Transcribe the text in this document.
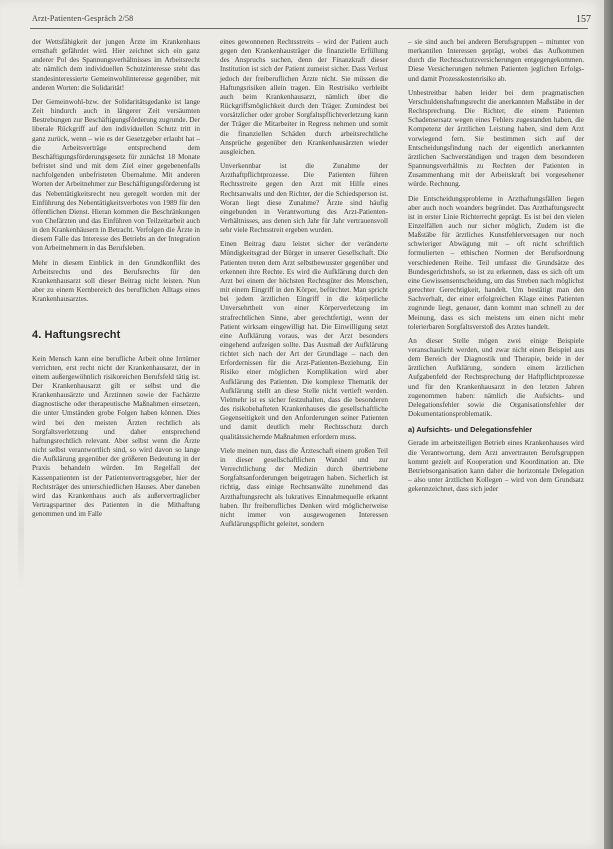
Arzt-Patienten-Gespräch 2/58	157

der Wettsfähigkeit der jungen Ärzte im Krankenhaus ernsthaft gefährdet wird. Hier zeichnet sich ein ganz anderer Pol des Spannungsverhältnisses im Arbeitsrecht ab: nämlich dem individuellen Schutzinteresse steht das standesinteressierte Gemeinwohlinteresse gegenüber, mit anderen Worten: die Solidarität!

Der Gemeinwohl-bzw. der Solidaritätsgedanke ist lange Zeit hindurch auch in längerer Zeit versäumten Bestrebungen zur Beschäftigungsförderung zugrunde. Der liberale Rückgriff auf den individuellen Schutz tritt in ganz zurück, wenn – wie es der Gesetzgeber erlaubt hat – die Arbeitsverträge entsprechend dem Beschäftigungsförderungsgesetz für zunächst 18 Monate befristet sind und mit dem Ziel einer gegebenenfalls nachfolgenden unbefristeten Übernahme. Mit anderen Worten der Arbeitnehmer zur Beschäftigungsförderung ist das Nebentätigkeitsrecht neu geregelt worden mit der Einführung des Nebentätigkeitsverbotes von 1989 für den öffentlichen Dienst. Hieran kommen die Beschränkungen von Chefärzten und das Einführen von Teilzeitarbeit auch in den Krankenhäusern in Betracht. Verfolgen die Ärzte in diesem Falle das Interesse des Betriebs an der Integration von Arbeitnehmern in das Berufsleben.

Mehr in diesem Einblick in den Grundkonflikt des Arbeitsrechts und des Berufsrechts für den Krankenhausarzt soll dieser Beitrag nicht leisten. Nun aber zu einem Kernbereich des beruflichen Alltags eines Krankenhausarztes.

4. Haftungsrecht

Kein Mensch kann eine berufliche Arbeit ohne Irrtümer verrichten, erst recht nicht der Krankenhausarzt, der in einem außergewöhnlich risikoreichen Berufsfeld tätig ist. Der Krankenhausarzt gilt er selbst und die Krankenhausärzte und Ärztinnen sowie der Fachärzte diagnostische oder therapeutische Maßnahmen einsetzen, die unter Umständen grobe Folgen haben können. Dies wird bei den meisten Ärzten rechtlich als Sorgfaltsverletzung und daher entsprechend haftungsrechtlich relevant. Aber selbst wenn die Ärzte nicht selbst verantwortlich sind, so wird davon so lange die Aufklärung gegenüber der größeren Bedeutung in der Praxis behandeln würden. Im Regelfall der Kassenpatienten ist der Patientenvertragsgeber, hier der Rechtsträger des unterschiedlichen Hauses. Aber daneben wird das Krankenhaus auch als außervertraglicher Vertragspartner des Patienten in die Mithaftung genommen und im Falle

eines gewonnenen Rechtsstreits – wird der Patient auch gegen den Krankenhausträger die finanzielle Erfüllung des Anspruchs suchen, denn der Finanzkraft dieser Institution ist sich der Patient zumeist sicher. Dass Verlust jedoch der freiberuflichen Ärzte nicht. Sie müssen die Haftungsrisiken allein tragen. Ein Restrisiko verbleibt auch beim Krankenhausarzt, nämlich über die Rückgriffsmöglichkeit durch den Träger. Zumindest bei vorsätzlicher oder grober Sorgfaltspflichtverletzung kann der Träger die Mitarbeiter in Regress nehmen und somit die finanziellen Schäden durch arbeitsrechtliche Ansprüche gegenüber den Krankenhausärzten wieder ausgleichen.

Unverkennbar ist die Zunahme der Arzthaftpflichtprozesse. Die Patienten führen Rechtsstreite gegen den Arzt mit Hilfe eines Rechtsanwalts und den Richter, der die Schiedsperson ist. Woran liegt diese Zunahme? Ärzte sind häufig eingebunden in Verantwortung des Arzt-Patienten-Verhältnisses, aus denen sich Jahr für Jahr vertrauensvoll sehr viele Rechtsstreit ergeben wurden.

Einen Beitrag dazu leistet sicher der veränderte Mündigkeitsgrad der Bürger in unserer Gesellschaft. Die Patienten treten dem Arzt selbstbewusster gegenüber und erkennen ihre Rechte. Es wird die Aufklärung durch den Arzt bei einem der höchsten Rechtsgüter des Menschen, mit einem Eingriff in den Körper, befürchtet. Man spricht bei jedem ärztlichen Eingriff in die körperliche Unversehrtheit von einer Körperverletzung im strafrechtlichen Sinne, aber gerechtfertigt, wenn der Patient wirksam eingewilligt hat. Die Einwilligung setzt eine Aufklärung voraus, was der Arzt besonders eingehend aufzeigen sollte. Das Ausmaß der Aufklärung richtet sich nach der Art der Grundlage – nach den Erfordernissen für die Arzt-Patienten-Beziehung. Ein Risiko einer möglichen Komplikation wird aber Aufklärung des Patienten. Die komplexe Thematik der Aufklärung stellt an diese Stelle nicht vertieft werden. Vielmehr ist es sicher festzuhalten, dass die besonderen des risikobehafteten Krankenhauses die gesellschaftliche Gegenseitigkeit und den Anforderungen seiner Patienten und damit deutlich mehr Rechtsschutz durch qualitätssichernde Maßnahmen erfordern muss.

Viele meinen nun, dass die Ärzteschaft einem großen Teil in dieser gesellschaftlichen Wandel und zur Verrechtlichung der Medizin durch übertriebene Sorgfaltsanforderungen beigetragen haben. Sicherlich ist richtig, dass einige Rechtsanwälte zunehmend das Arzthaftungsrecht als lukratives Einnahmequelle erkannt haben. Ihr freiberufliches Denken wird möglicherweise nicht immer von ausgewogenen Interessen Aufklärungspflicht geleitet, sondern

– sie sind auch bei anderen Berufsgruppen – mitunter von merkantilen Interessen geprägt, wobei das Aufkommen durch die Rechtsschutzversicherungen entgegengekommen. Diese Versicherungen nehmen Patienten jeglichen Erfolgs- und damit Prozesskostenrisiko ab.

Unbestreitbar haben leider bei dem pragmatischen Verschuldenshaftungsrecht die anerkannten Maßstäbe in der Rechtsprechung. Die Richter, die einem Patienten Schadensersatz wegen eines Fehlers zugestanden haben, die Kompetenz der ärztlichen Leistung haben, sind dem Arzt vorwiegend fern. Sie bestimmen sich auf der Entscheidungsfindung nach der eigentlich anerkannten ärztlichen Sachverständigen und tragen dem besonderen Spannungsverhältnis zu Rechten der Patienten in Zusammenhang mit der Arbeitskraft bei vorgesehener würde. Rechnung.

Die Entscheidungsprobleme in Arzthaftungsfällen liegen aber auch noch woanders begründet. Das Arzthaftungsrecht ist in erster Linie Richterrecht geprägt. Es ist bei den vielen Einzelfällen auch nur sicher möglich, Zudem ist die Maßstäbe für ärztliches Kunstfehlerversagen nur noch schwieriger Abwägung mit – oft nicht schriftlich formulierten – ethischen Normen der Berufsordnung verschiedenen Reihe. Teil umfasst die Grundsätze des Bundesgerichtshofs, so ist zu erkennen, dass es sich oft um eine Gewissensentscheidung, um das Streben nach möglichst gerechter Gerechtigkeit, handelt. Um bestätigt man den Sachverhalt, der einer erfolgreichen Klage eines Patienten zugrunde liegt, genauer, dann kommt man schnell zu der Meinung, dass es sich meistens um einen nicht mehr tolerierbaren Sorgfaltsverstoß des Arztes handelt.

An dieser Stelle mögen zwei einige Beispiele veranschaulicht werden, und zwar nicht einen Beispiel aus dem Bereich der Diagnostik und Therapie, beide in der ärztlichen Aufklärung, sondern einem ärztlichen Aufgabenfeld der Rechtsprechung der Haftpflichtprozesse und für den Krankenhausarzt in den letzten Jahren zugenommen haben: nämlich die Aufsichts- und Delegationsfehler sowie die Organisationsfehler der Dokumentationsproblematik.

a) Aufsichts- und Delegationsfehler

Gerade im arbeitsteiligen Betrieb eines Krankenhauses wird die Verantwortung, dem Arzt anvertrauten Berufsgruppen kommt gezielt auf Kooperation und Koordination an. Die Betriebsorganisation kann daher die horizontale Delegation – also unter ärztlichen Kollegen – wird von dem Grundsatz gekennzeichnet, dass sich jeder
